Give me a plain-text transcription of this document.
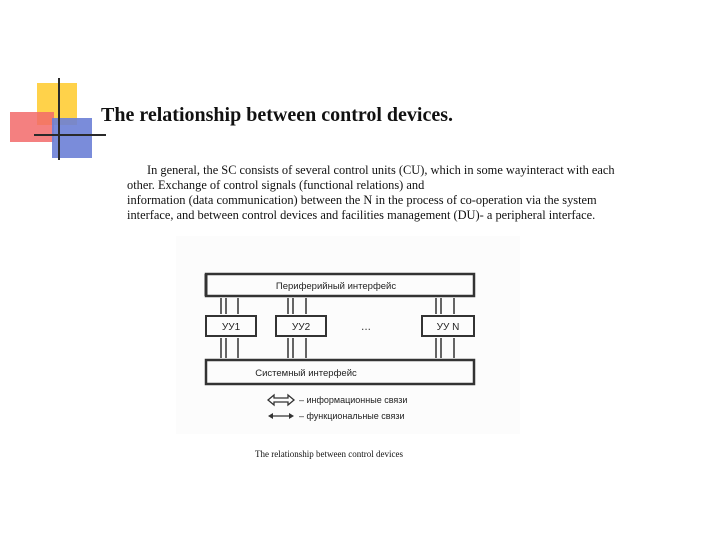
The relationship between control devices.
In general, the SC consists of several control units (CU), which in some wayinteract with each
other. Exchange of control signals (functional relations) and
information (data communication) between the N in the process of co-operation via the system
interface, and between control devices and facilities management (DU)- a peripheral interface.
Периферийный интерфейс
УУ1	УУ2	...	УУ N
Системный интерфейс
– информационные связи
– функциональные связи
The relationship between control devices
